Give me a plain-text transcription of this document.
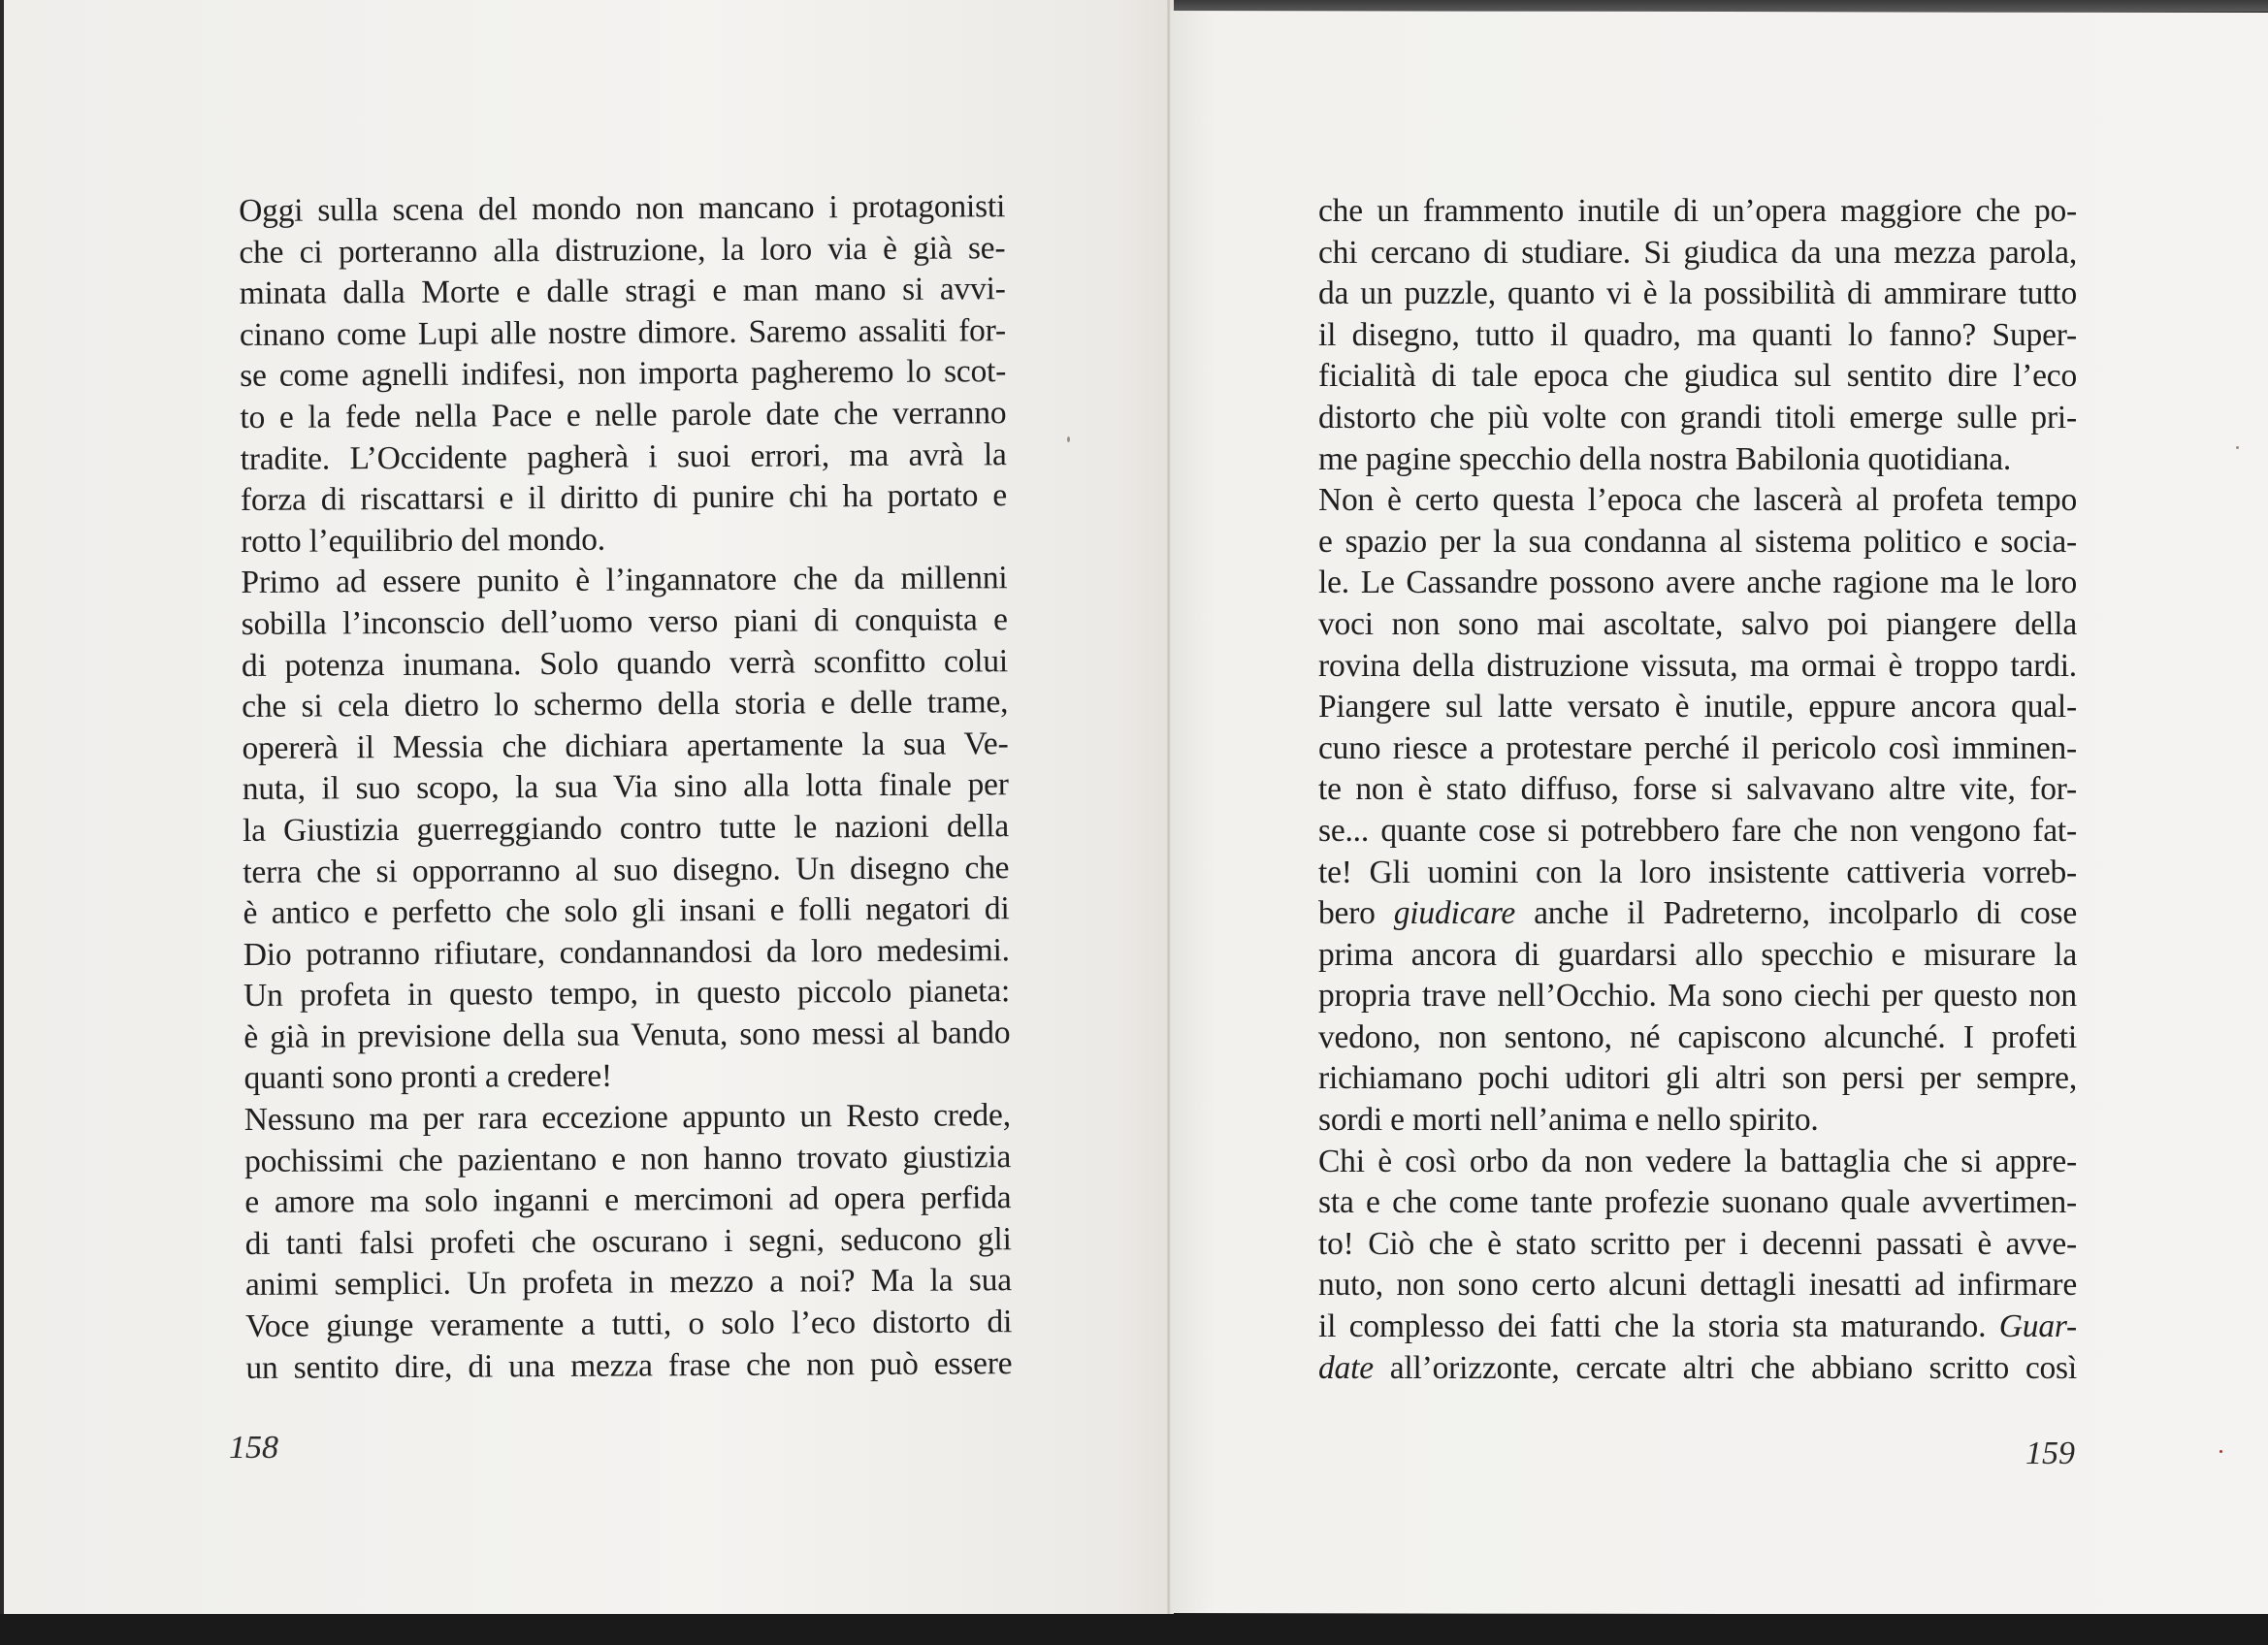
Oggi sulla scena del mondo non mancano i protagonisti
che ci porteranno alla distruzione, la loro via è già se-
minata dalla Morte e dalle stragi e man mano si avvi-
cinano come Lupi alle nostre dimore. Saremo assaliti for-
se come agnelli indifesi, non importa pagheremo lo scot-
to e la fede nella Pace e nelle parole date che verranno
tradite. L’Occidente pagherà i suoi errori, ma avrà la
forza di riscattarsi e il diritto di punire chi ha portato e
rotto l’equilibrio del mondo.
Primo ad essere punito è l’ingannatore che da millenni
sobilla l’inconscio dell’uomo verso piani di conquista e
di potenza inumana. Solo quando verrà sconfitto colui
che si cela dietro lo schermo della storia e delle trame,
opererà il Messia che dichiara apertamente la sua Ve-
nuta, il suo scopo, la sua Via sino alla lotta finale per
la Giustizia guerreggiando contro tutte le nazioni della
terra che si opporranno al suo disegno. Un disegno che
è antico e perfetto che solo gli insani e folli negatori di
Dio potranno rifiutare, condannandosi da loro medesimi.
Un profeta in questo tempo, in questo piccolo pianeta:
è già in previsione della sua Venuta, sono messi al bando
quanti sono pronti a credere!
Nessuno ma per rara eccezione appunto un Resto crede,
pochissimi che pazientano e non hanno trovato giustizia
e amore ma solo inganni e mercimoni ad opera perfida
di tanti falsi profeti che oscurano i segni, seducono gli
animi semplici. Un profeta in mezzo a noi? Ma la sua
Voce giunge veramente a tutti, o solo l’eco distorto di
un sentito dire, di una mezza frase che non può essere
che un frammento inutile di un’opera maggiore che po-
chi cercano di studiare. Si giudica da una mezza parola,
da un puzzle, quanto vi è la possibilità di ammirare tutto
il disegno, tutto il quadro, ma quanti lo fanno? Super-
ficialità di tale epoca che giudica sul sentito dire l’eco
distorto che più volte con grandi titoli emerge sulle pri-
me pagine specchio della nostra Babilonia quotidiana.
Non è certo questa l’epoca che lascerà al profeta tempo
e spazio per la sua condanna al sistema politico e socia-
le. Le Cassandre possono avere anche ragione ma le loro
voci non sono mai ascoltate, salvo poi piangere della
rovina della distruzione vissuta, ma ormai è troppo tardi.
Piangere sul latte versato è inutile, eppure ancora qual-
cuno riesce a protestare perché il pericolo così imminen-
te non è stato diffuso, forse si salvavano altre vite, for-
se... quante cose si potrebbero fare che non vengono fat-
te! Gli uomini con la loro insistente cattiveria vorreb-
bero giudicare anche il Padreterno, incolparlo di cose
prima ancora di guardarsi allo specchio e misurare la
propria trave nell’Occhio. Ma sono ciechi per questo non
vedono, non sentono, né capiscono alcunché. I profeti
richiamano pochi uditori gli altri son persi per sempre,
sordi e morti nell’anima e nello spirito.
Chi è così orbo da non vedere la battaglia che si appre-
sta e che come tante profezie suonano quale avvertimen-
to! Ciò che è stato scritto per i decenni passati è avve-
nuto, non sono certo alcuni dettagli inesatti ad infirmare
il complesso dei fatti che la storia sta maturando. Guar-
date all’orizzonte, cercate altri che abbiano scritto così
158	159
